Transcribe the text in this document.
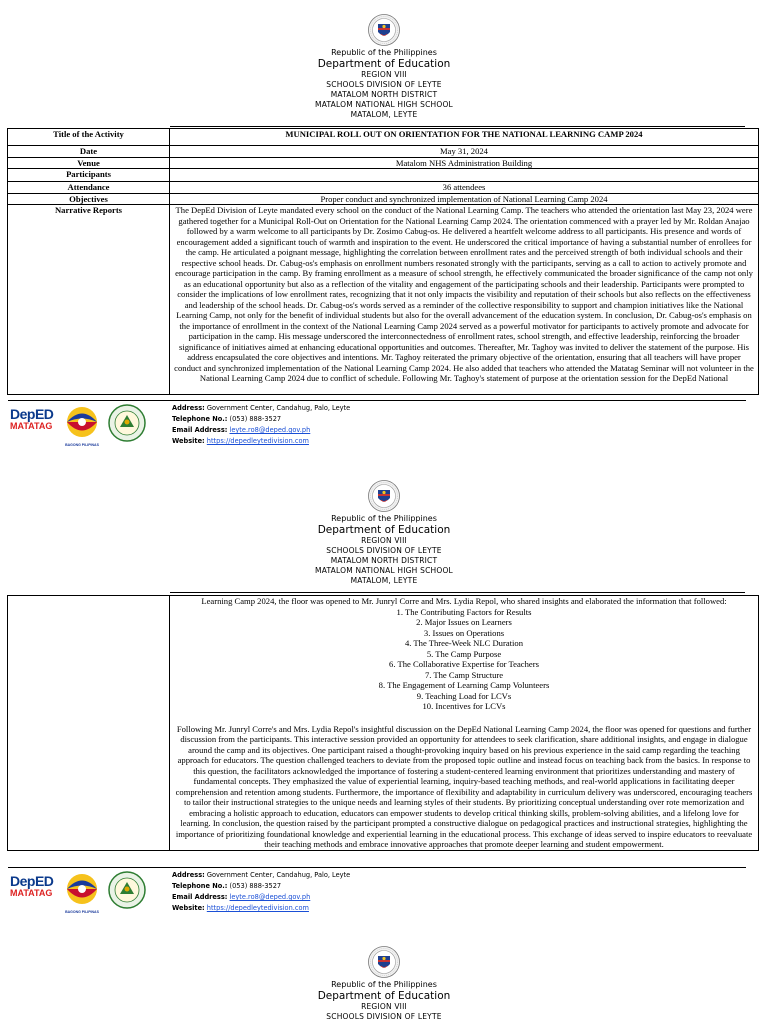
Republic of the Philippines
Department of Education
REGION VIII
SCHOOLS DIVISION OF LEYTE
MATALOM NORTH DISTRICT
MATALOM NATIONAL HIGH SCHOOL
MATALOM, LEYTE
Title of the Activity	MUNICIPAL ROLL OUT ON ORIENTATION FOR THE NATIONAL LEARNING CAMP 2024
Date	May 31, 2024
Venue	Matalom NHS Administration Building
Participants	
Attendance	36 attendees
Objectives	Proper conduct and synchronized implementation of National Learning Camp 2024
Narrative Reports	The DepEd Division of Leyte mandated every school on the conduct of the National Learning Camp. The teachers who attended the orientation last May 23, 2024 were gathered together for a Municipal Roll-Out on Orientation for the National Learning Camp 2024. The orientation commenced with a prayer led by Mr. Roldan Anajao followed by a warm welcome to all participants by Dr. Zosimo Cabug-os. He delivered a heartfelt welcome address to all participants. His presence and words of encouragement added a significant touch of warmth and inspiration to the event. He underscored the critical importance of having a substantial number of enrollees for the camp. He articulated a poignant message, highlighting the correlation between enrollment rates and the perceived strength of both individual schools and their respective school heads. Dr. Cabug-os's emphasis on enrollment numbers resonated strongly with the participants, serving as a call to action to actively promote and encourage participation in the camp. By framing enrollment as a measure of school strength, he effectively communicated the broader significance of the camp not only as an educational opportunity but also as a reflection of the vitality and engagement of the participating schools and their leadership. Participants were prompted to consider the implications of low enrollment rates, recognizing that it not only impacts the visibility and reputation of their schools but also reflects on the effectiveness and leadership of the school heads. Dr. Cabug-os's words served as a reminder of the collective responsibility to support and champion initiatives like the National Learning Camp, not only for the benefit of individual students but also for the overall advancement of the education system. In conclusion, Dr. Cabug-os's emphasis on the importance of enrollment in the context of the National Learning Camp 2024 served as a powerful motivator for participants to actively promote and advocate for participation in the camp. His message underscored the interconnectedness of enrollment rates, school strength, and effective leadership, reinforcing the broader significance of initiatives aimed at enhancing educational opportunities and outcomes. Thereafter, Mr. Taghoy was invited to deliver the statement of the purpose. His address encapsulated the core objectives and intentions. Mr. Taghoy reiterated the primary objective of the orientation, ensuring that all teachers will have proper conduct and synchronized implementation of the National Learning Camp 2024. He also added that teachers who attended the Matatag Seminar will not volunteer in the National Learning Camp 2024 due to conflict of schedule. Following Mr. Taghoy's statement of purpose at the orientation session for the DepEd National
DepED
MATATAG
BAGONG PILIPINAS
Address: Government Center, Candahug, Palo, Leyte
Telephone No.: (053) 888-3527
Email Address: leyte.ro8@deped.gov.ph
Website: https://depedleytedivision.com
Republic of the Philippines
Department of Education
REGION VIII
SCHOOLS DIVISION OF LEYTE
MATALOM NORTH DISTRICT
MATALOM NATIONAL HIGH SCHOOL
MATALOM, LEYTE

Learning Camp 2024, the floor was opened to Mr. Junryl Corre and Mrs. Lydia Repol, who shared insights and elaborated the information that followed:
1. The Contributing Factors for Results
2. Major Issues on Learners
3. Issues on Operations
4. The Three-Week NLC Duration
5. The Camp Purpose
6. The Collaborative Expertise for Teachers
7. The Camp Structure
8. The Engagement of Learning Camp Volunteers
9. Teaching Load for LCVs
10. Incentives for LCVs
Following Mr. Junryl Corre's and Mrs. Lydia Repol's insightful discussion on the DepEd National Learning Camp 2024, the floor was opened for questions and further discussion from the participants. This interactive session provided an opportunity for attendees to seek clarification, share additional insights, and engage in dialogue around the camp and its objectives. One participant raised a thought-provoking inquiry based on his previous experience in the said camp regarding the teaching approach for educators. The question challenged teachers to deviate from the proposed topic outline and instead focus on teaching back from the basics. In response to this question, the facilitators acknowledged the importance of fostering a student-centered learning environment that prioritizes understanding and mastery of fundamental concepts. They emphasized the value of experiential learning, inquiry-based teaching methods, and real-world applications in facilitating deeper comprehension and retention among students. Furthermore, the importance of flexibility and adaptability in curriculum delivery was underscored, encouraging teachers to tailor their instructional strategies to the unique needs and learning styles of their students. By prioritizing conceptual understanding over rote memorization and embracing a holistic approach to education, educators can empower students to develop critical thinking skills, problem-solving abilities, and a lifelong love for learning. In conclusion, the question raised by the participant prompted a constructive dialogue on pedagogical practices and instructional strategies, highlighting the importance of prioritizing foundational knowledge and experiential learning in the educational process. This exchange of ideas served to inspire educators to reevaluate their teaching methods and embrace innovative approaches that promote deeper learning and student empowerment.
DepED
MATATAG
BAGONG PILIPINAS
Address: Government Center, Candahug, Palo, Leyte
Telephone No.: (053) 888-3527
Email Address: leyte.ro8@deped.gov.ph
Website: https://depedleytedivision.com
Republic of the Philippines
Department of Education
REGION VIII
SCHOOLS DIVISION OF LEYTE
